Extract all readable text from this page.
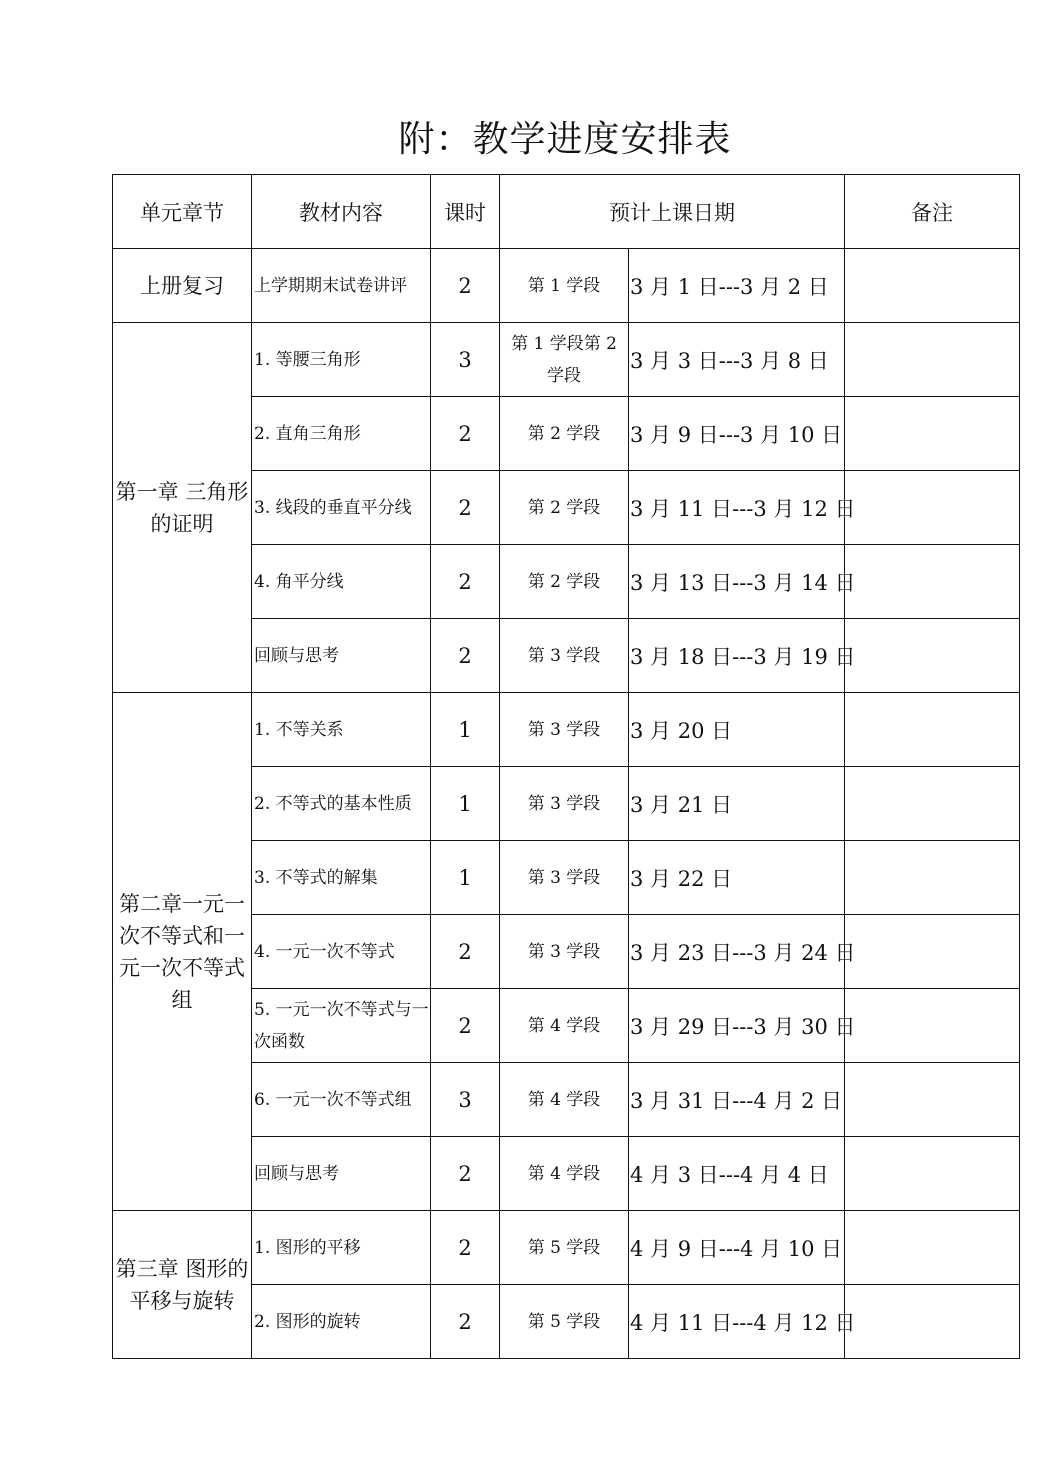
附：教学进度安排表
单元章节	教材内容	课时	预计上课日期		备注
上册复习	上学期期末试卷讲评	2	第 1 学段	3 月 1 日---3 月 2 日	
第一章 三角形的证明	1. 等腰三角形	3	第 1 学段第 2 学段	3 月 3 日---3 月 8 日	
	2. 直角三角形	2	第 2 学段	3 月 9 日---3 月 10 日	
	3. 线段的垂直平分线	2	第 2 学段	3 月 11 日---3 月 12 日	
	4. 角平分线	2	第 2 学段	3 月 13 日---3 月 14 日	
	回顾与思考	2	第 3 学段	3 月 18 日---3 月 19 日	
第二章一元一次不等式和一元一次不等式组	1. 不等关系	1	第 3 学段	3 月 20 日	
	2. 不等式的基本性质	1	第 3 学段	3 月 21 日	
	3. 不等式的解集	1	第 3 学段	3 月 22 日	
	4. 一元一次不等式	2	第 3 学段	3 月 23 日---3 月 24 日	
	5. 一元一次不等式与一次函数	2	第 4 学段	3 月 29 日---3 月 30 日	
	6. 一元一次不等式组	3	第 4 学段	3 月 31 日---4 月 2 日	
	回顾与思考	2	第 4 学段	4 月 3 日---4 月 4 日	
第三章 图形的平移与旋转	1. 图形的平移	2	第 5 学段	4 月 9 日---4 月 10 日	
	2. 图形的旋转	2	第 5 学段	4 月 11 日---4 月 12 日	
